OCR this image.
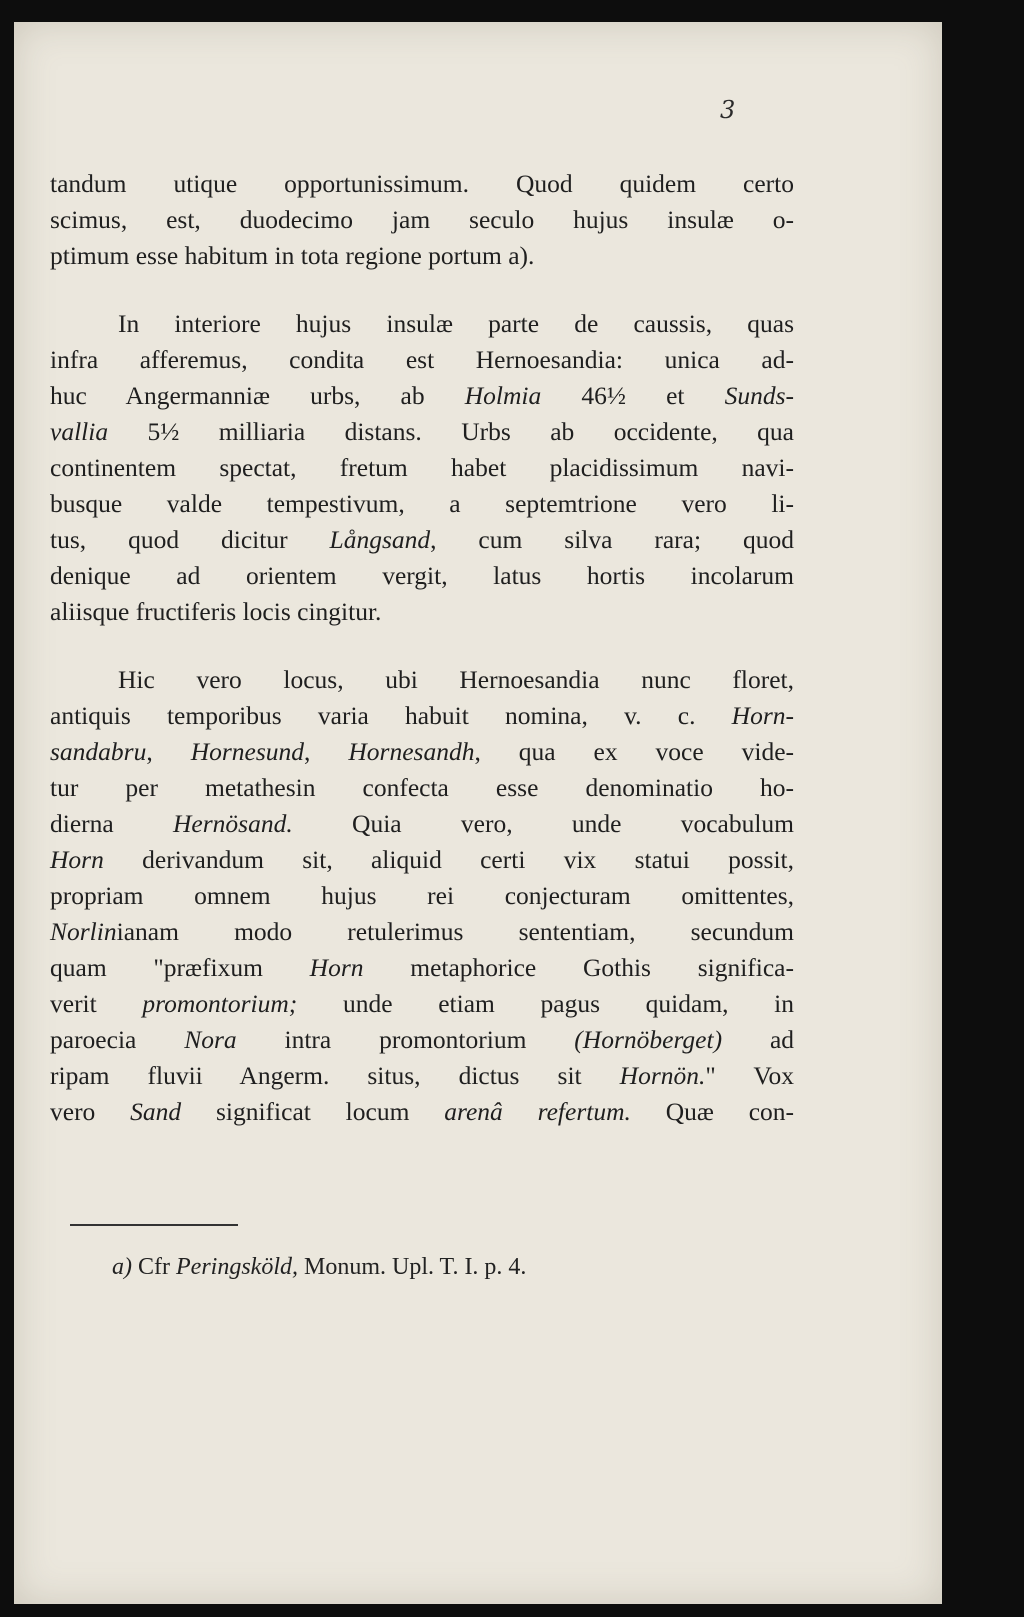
3
tandum utique opportunissimum. Quod quidem certo
scimus, est, duodecimo jam seculo hujus insulæ o-
ptimum esse habitum in tota regione portum a).
In interiore hujus insulæ parte de caussis, quas
infra afferemus, condita est Hernoesandia: unica ad-
huc Angermanniæ urbs, ab Holmia 46½ et Sunds-
vallia 5½ milliaria distans. Urbs ab occidente, qua
continentem spectat, fretum habet placidissimum navi-
busque valde tempestivum, a septemtrione vero li-
tus, quod dicitur Långsand, cum silva rara; quod
denique ad orientem vergit, latus hortis incolarum
aliisque fructiferis locis cingitur.
Hic vero locus, ubi Hernoesandia nunc floret,
antiquis temporibus varia habuit nomina, v. c. Horn-
sandabru, Hornesund, Hornesandh, qua ex voce vide-
tur per metathesin confecta esse denominatio ho-
dierna Hernösand. Quia vero, unde vocabulum
Horn derivandum sit, aliquid certi vix statui possit,
propriam omnem hujus rei conjecturam omittentes,
Norlinianam modo retulerimus sententiam, secundum
quam "præfixum Horn metaphorice Gothis significa-
verit promontorium; unde etiam pagus quidam, in
paroecia Nora intra promontorium (Hornöberget) ad
ripam fluvii Angerm. situs, dictus sit Hornön." Vox
vero Sand significat locum arenâ refertum. Quæ con-
a) Cfr Peringsköld, Monum. Upl. T. I. p. 4.
